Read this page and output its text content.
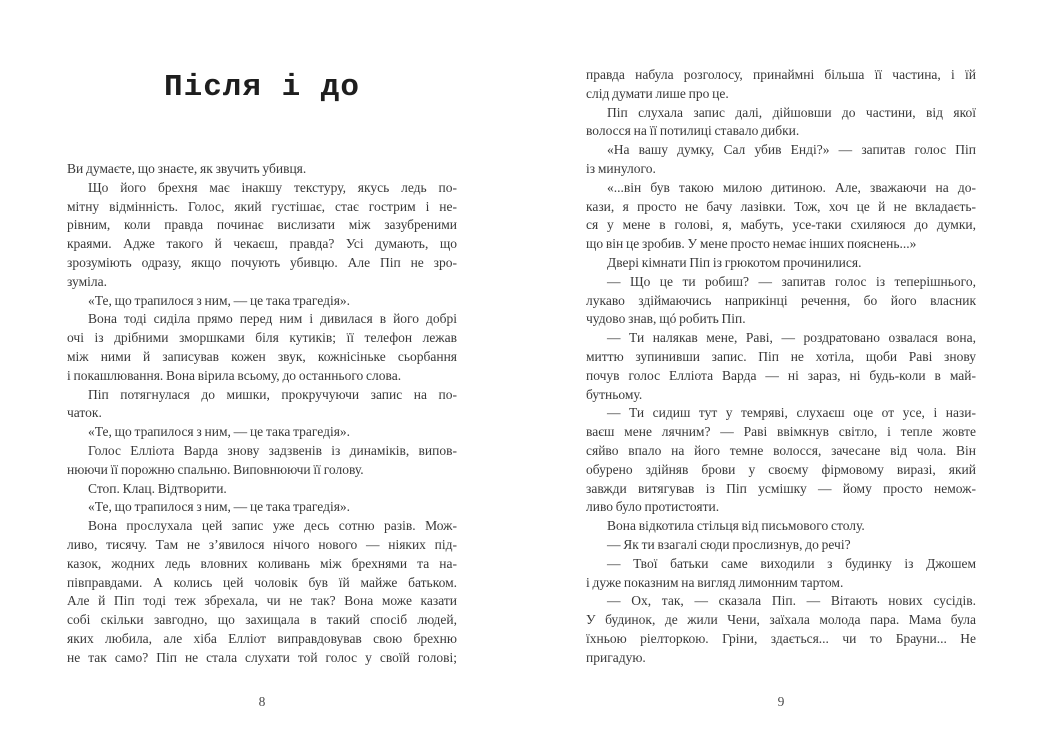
Після і до
Ви думаєте, що знаєте, як звучить убивця.
Що його брехня має інакшу текстуру, якусь ледь по-
мітну відмінність. Голос, який густішає, стає гострим і не-
рівним, коли правда починає вислизати між зазубреними
краями. Адже такого й чекаєш, правда? Усі думають, що
зрозуміють одразу, якщо почують убивцю. Але Піп не зро-
зуміла.
«Те, що трапилося з ним, — це така трагедія».
Вона тоді сиділа прямо перед ним і дивилася в його добрі
очі із дрібними зморшками біля кутиків; її телефон лежав
між ними й записував кожен звук, кожнісіньке сьорбання
і покашлювання. Вона вірила всьому, до останнього слова.
Піп потягнулася до мишки, прокручуючи запис на по-
чаток.
«Те, що трапилося з ним, — це така трагедія».
Голос Елліота Варда знову задзвенів із динаміків, випов-
нюючи її порожню спальню. Виповнюючи її голову.
Стоп. Клац. Відтворити.
«Те, що трапилося з ним, — це така трагедія».
Вона прослухала цей запис уже десь сотню разів. Мож-
ливо, тисячу. Там не з’явилося нічого нового — ніяких під-
казок, жодних ледь вловних коливань між брехнями та на-
півправдами. А колись цей чоловік був їй майже батьком.
Але й Піп тоді теж збрехала, чи не так? Вона може казати
собі скільки завгодно, що захищала в такий спосіб людей,
яких любила, але хіба Елліот виправдовував свою брехню
не так само? Піп не стала слухати той голос у своїй голові;
8
правда набула розголосу, принаймні більша її частина, і їй
слід думати лише про це.
Піп слухала запис далі, дійшовши до частини, від якої
волосся на її потилиці ставало дибки.
«На вашу думку, Сал убив Енді?» — запитав голос Піп
із минулого.
«...він був такою милою дитиною. Але, зважаючи на до-
кази, я просто не бачу лазівки. Тож, хоч це й не вкладаєть-
ся у мене в голові, я, мабуть, усе-таки схиляюся до думки,
що він це зробив. У мене просто немає інших пояснень...»
Двері кімнати Піп із грюкотом прочинилися.
— Що це ти робиш? — запитав голос із теперішнього,
лукаво здіймаючись наприкінці речення, бо його власник
чудово знав, щó робить Піп.
— Ти налякав мене, Раві, — роздратовано озвалася вона,
миттю зупинивши запис. Піп не хотіла, щоби Раві знову
почув голос Елліота Варда — ні зараз, ні будь-коли в май-
бутньому.
— Ти сидиш тут у темряві, слухаєш оце от усе, і нази-
ваєш мене лячним? — Раві ввімкнув світло, і тепле жовте
сяйво впало на його темне волосся, зачесане від чола. Він
обурено здійняв брови у своєму фірмовому виразі, який
завжди витягував із Піп усмішку — йому просто немож-
ливо було протистояти.
Вона відкотила стільця від письмового столу.
— Як ти взагалі сюди прослизнув, до речі?
— Твої батьки саме виходили з будинку із Джошем
і дуже показним на вигляд лимонним тартом.
— Ох, так, — сказала Піп. — Вітають нових сусідів.
У будинок, де жили Чени, заїхала молода пара. Мама була
їхньою ріелторкою. Гріни, здається... чи то Брауни... Не
пригадую.
9
